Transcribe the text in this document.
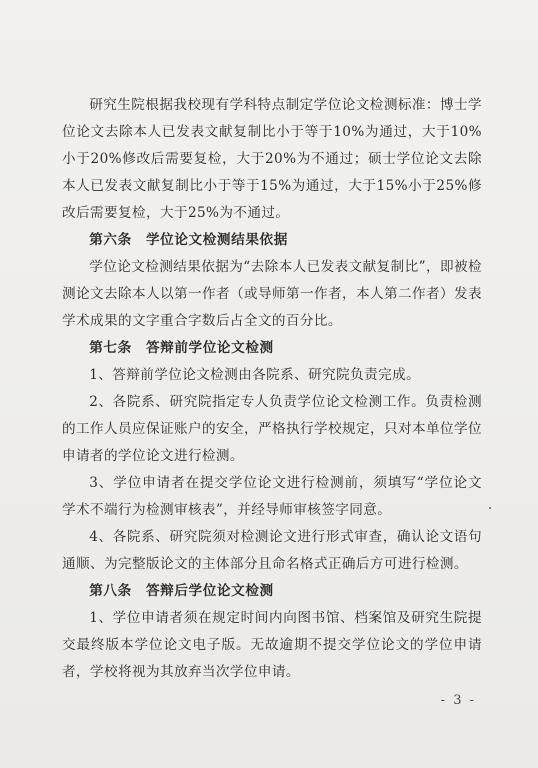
研究生院根据我校现有学科特点制定学位论文检测标准：博士学位论文去除本人已发表文献复制比小于等于10%为通过，大于10%小于20%修改后需要复检，大于20%为不通过；硕士学位论文去除本人已发表文献复制比小于等于15%为通过，大于15%小于25%修改后需要复检，大于25%为不通过。

第六条　学位论文检测结果依据

学位论文检测结果依据为“去除本人已发表文献复制比”，即被检测论文去除本人以第一作者（或导师第一作者，本人第二作者）发表学术成果的文字重合字数后占全文的百分比。

第七条　答辩前学位论文检测

1、答辩前学位论文检测由各院系、研究院负责完成。

2、各院系、研究院指定专人负责学位论文检测工作。负责检测的工作人员应保证账户的安全，严格执行学校规定，只对本单位学位申请者的学位论文进行检测。

3、学位申请者在提交学位论文进行检测前，须填写“学位论文学术不端行为检测审核表”，并经导师审核签字同意。

4、各院系、研究院须对检测论文进行形式审查，确认论文语句通顺、为完整版论文的主体部分且命名格式正确后方可进行检测。

第八条　答辩后学位论文检测

1、学位申请者须在规定时间内向图书馆、档案馆及研究生院提交最终版本学位论文电子版。无故逾期不提交学位论文的学位申请者，学校将视为其放弃当次学位申请。

- 3 -
